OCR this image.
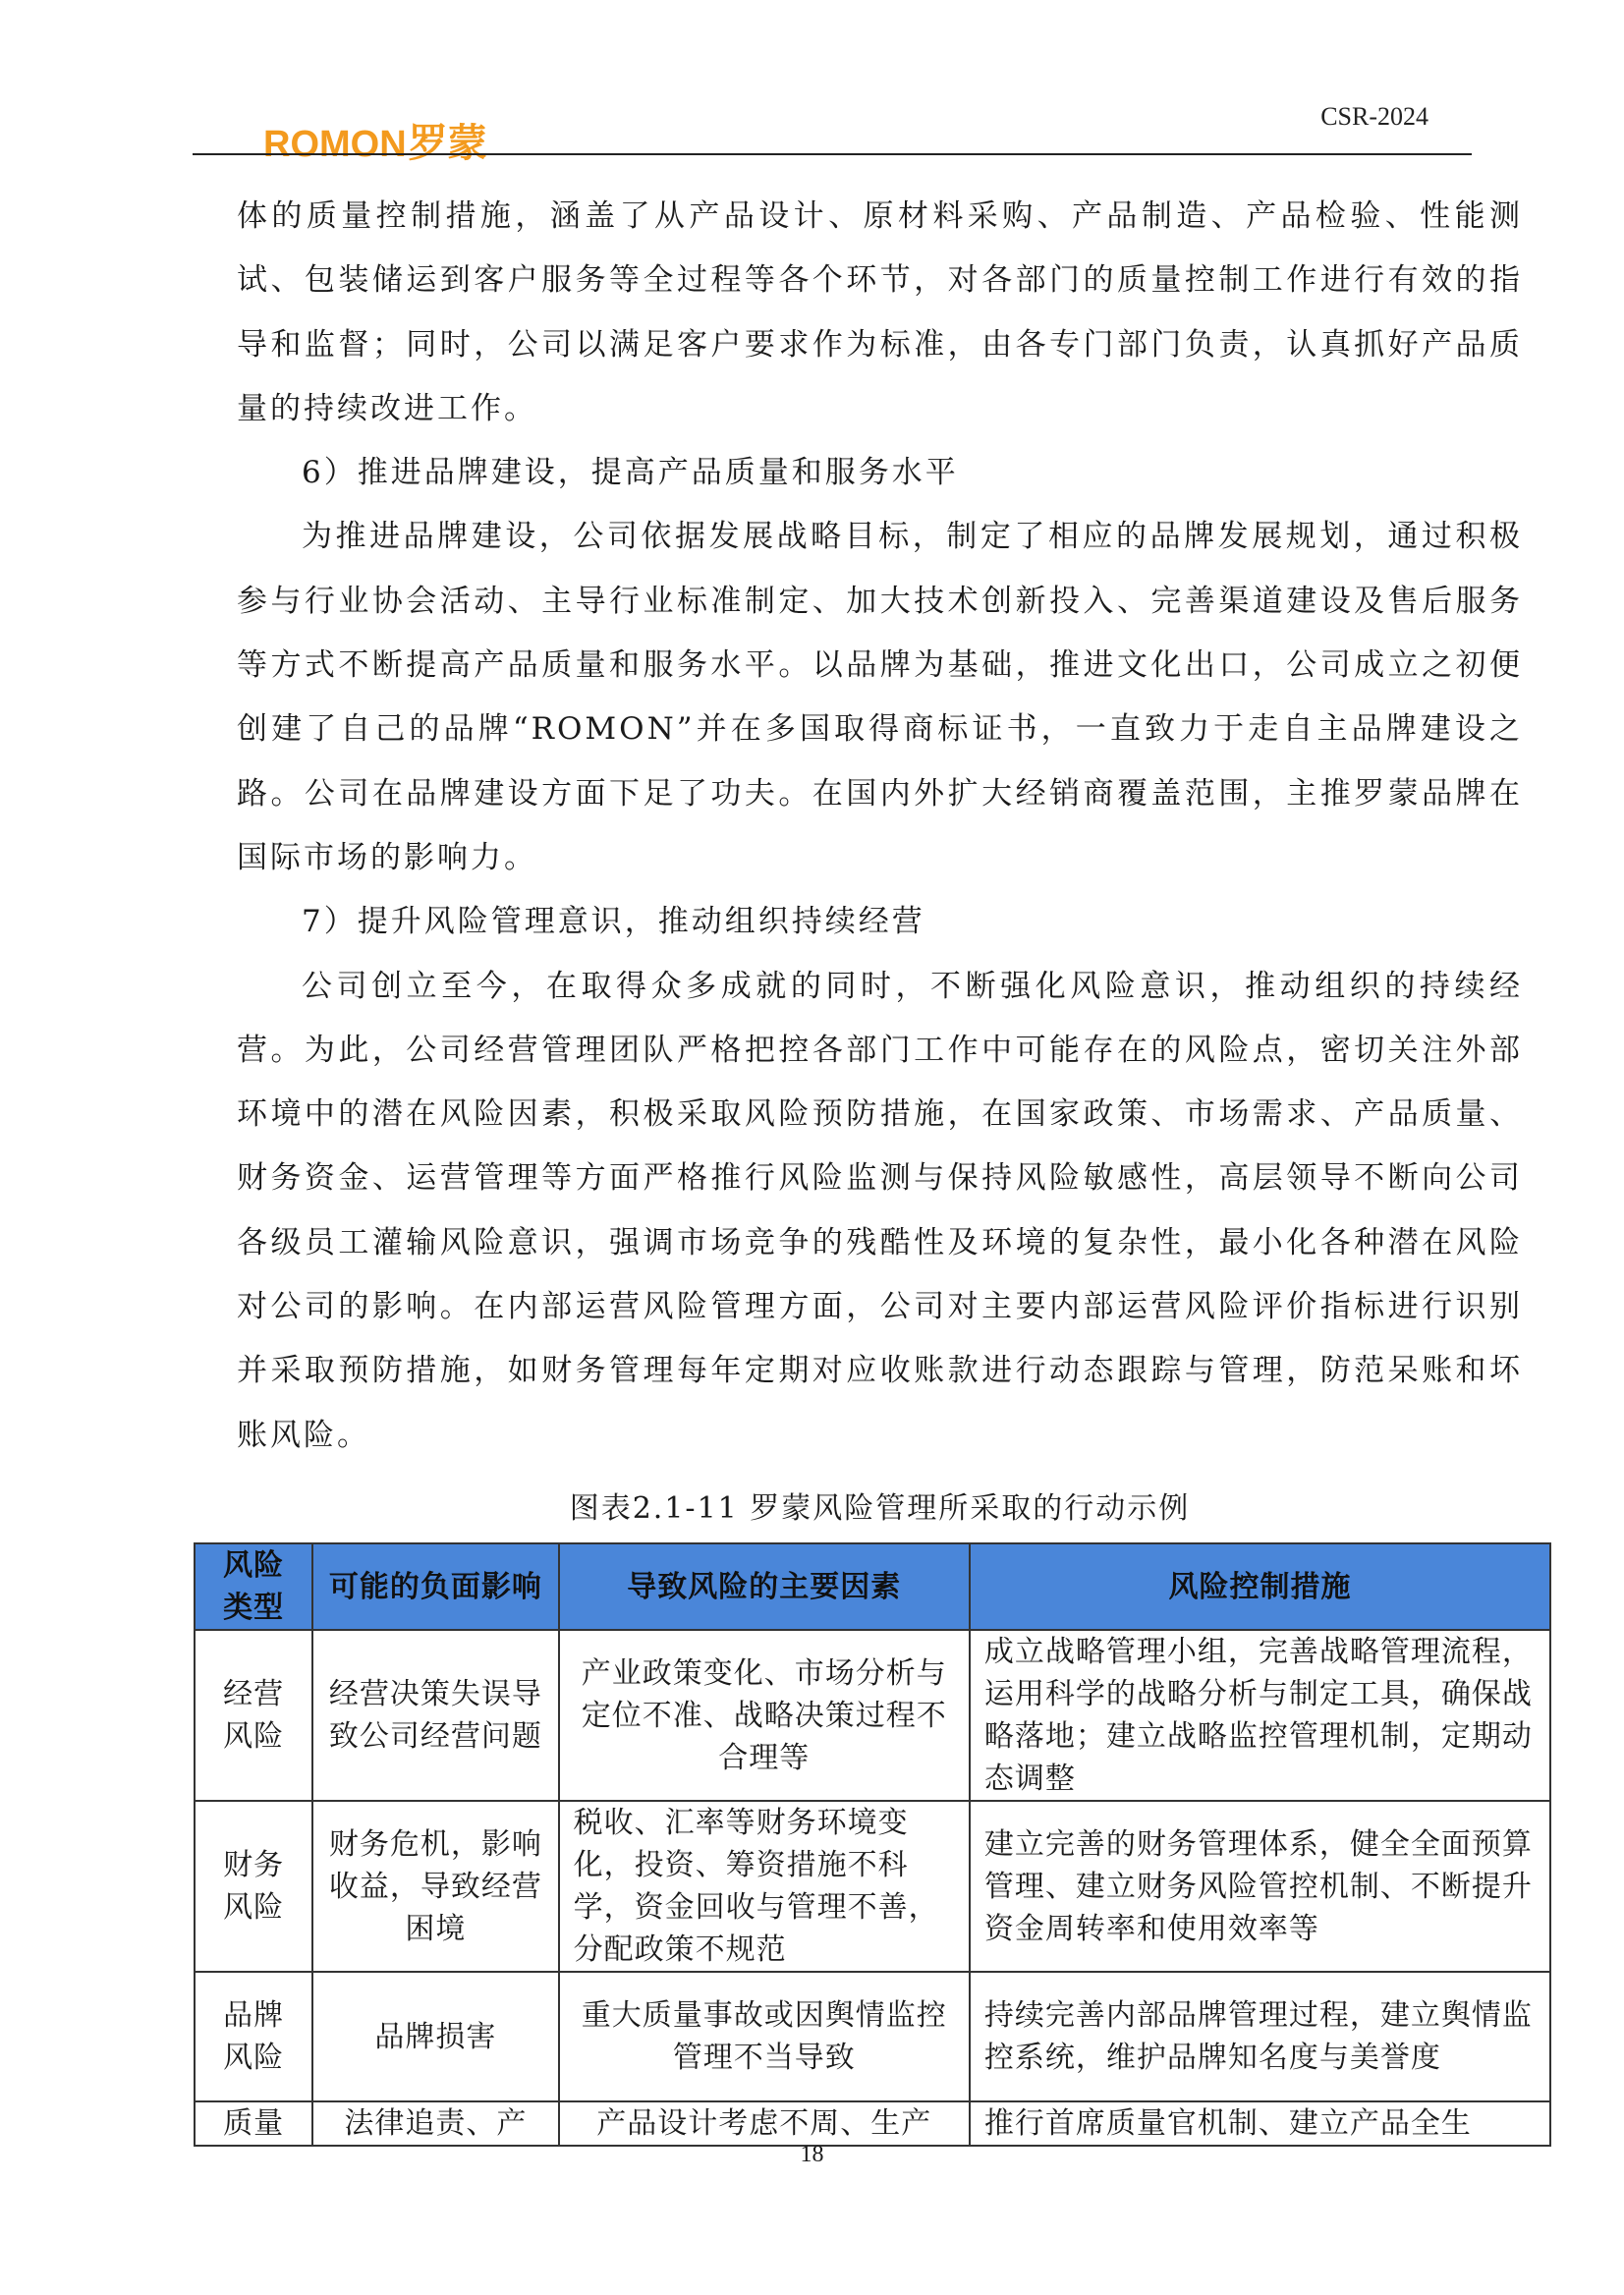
ROMON 罗蒙
CSR-2024

体的质量控制措施，涵盖了从产品设计、原材料采购、产品制造、产品检验、性能测试、包装储运到客户服务等全过程等各个环节，对各部门的质量控制工作进行有效的指导和监督；同时，公司以满足客户要求作为标准，由各专门部门负责，认真抓好产品质量的持续改进工作。

6）推进品牌建设，提高产品质量和服务水平

为推进品牌建设，公司依据发展战略目标，制定了相应的品牌发展规划，通过积极参与行业协会活动、主导行业标准制定、加大技术创新投入、完善渠道建设及售后服务等方式不断提高产品质量和服务水平。以品牌为基础，推进文化出口，公司成立之初便创建了自己的品牌“ROMON”并在多国取得商标证书，一直致力于走自主品牌建设之路。公司在品牌建设方面下足了功夫。在国内外扩大经销商覆盖范围，主推罗蒙品牌在国际市场的影响力。

7）提升风险管理意识，推动组织持续经营

公司创立至今，在取得众多成就的同时，不断强化风险意识，推动组织的持续经营。为此，公司经营管理团队严格把控各部门工作中可能存在的风险点，密切关注外部环境中的潜在风险因素，积极采取风险预防措施，在国家政策、市场需求、产品质量、财务资金、运营管理等方面严格推行风险监测与保持风险敏感性，高层领导不断向公司各级员工灌输风险意识，强调市场竞争的残酷性及环境的复杂性，最小化各种潜在风险对公司的影响。在内部运营风险管理方面，公司对主要内部运营风险评价指标进行识别并采取预防措施，如财务管理每年定期对应收账款进行动态跟踪与管理，防范呆账和坏账风险。

图表2.1-11 罗蒙风险管理所采取的行动示例
风险类型	可能的负面影响	导致风险的主要因素	风险控制措施
经营风险	经营决策失误导致公司经营问题	产业政策变化、市场分析与定位不准、战略决策过程不合理等	成立战略管理小组，完善战略管理流程，运用科学的战略分析与制定工具，确保战略落地；建立战略监控管理机制，定期动态调整
财务风险	财务危机，影响收益，导致经营困境	税收、汇率等财务环境变化，投资、筹资措施不科学，资金回收与管理不善，分配政策不规范	建立完善的财务管理体系，健全全面预算管理、建立财务风险管控机制、不断提升资金周转率和使用效率等
品牌风险	品牌损害	重大质量事故或因舆情监控管理不当导致	持续完善内部品牌管理过程，建立舆情监控系统，维护品牌知名度与美誉度
质量	法律追责、产	产品设计考虑不周、生产	推行首席质量官机制、建立产品全生
18
